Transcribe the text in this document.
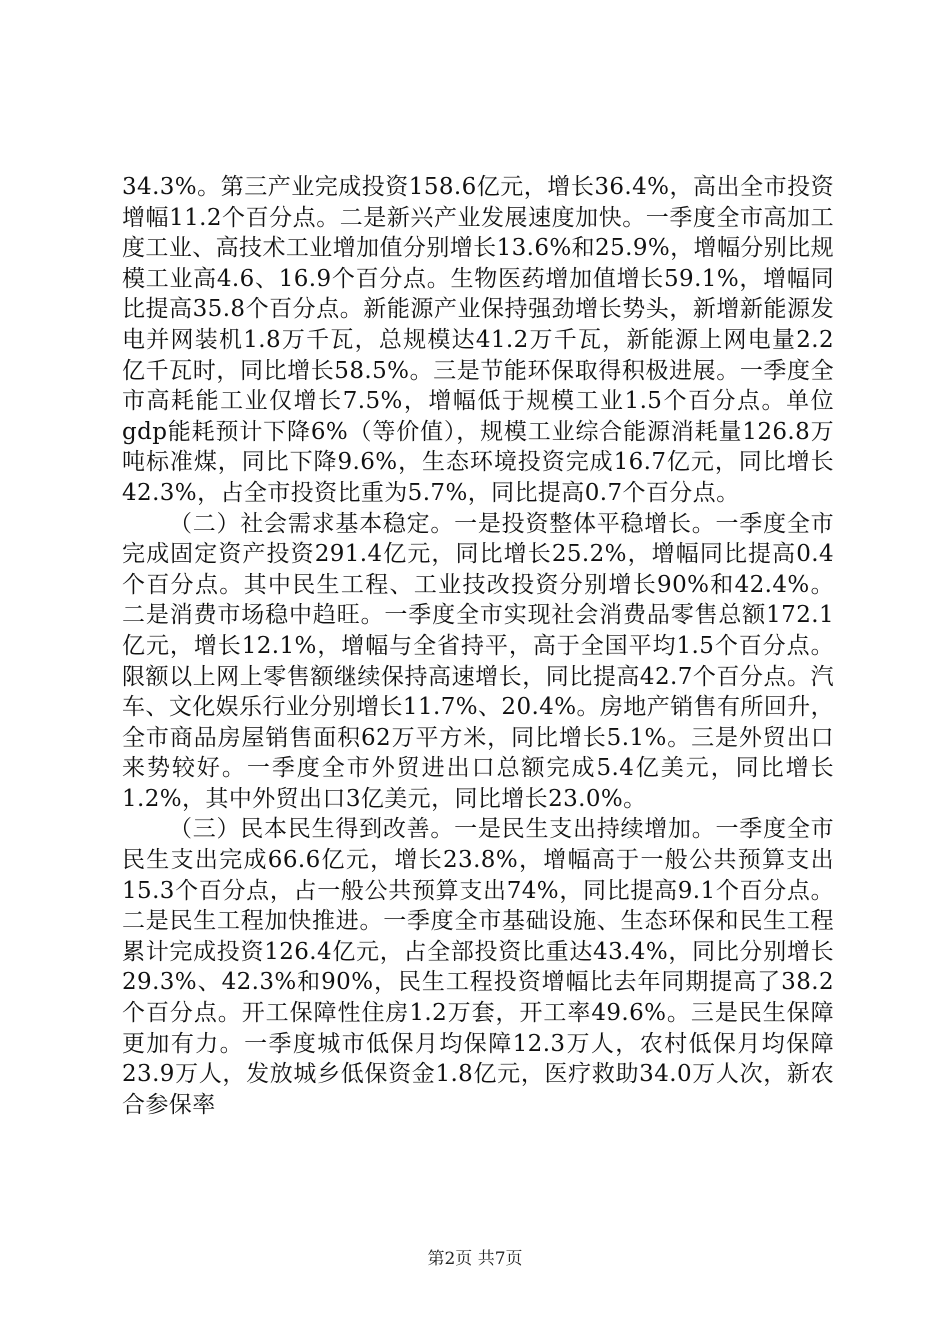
34.3%。第三产业完成投资158.6亿元，增长36.4%，高出全市投资增幅11.2个百分点。二是新兴产业发展速度加快。一季度全市高加工度工业、高技术工业增加值分别增长13.6%和25.9%，增幅分别比规模工业高4.6、16.9个百分点。生物医药增加值增长59.1%，增幅同比提高35.8个百分点。新能源产业保持强劲增长势头，新增新能源发电并网装机1.8万千瓦，总规模达41.2万千瓦，新能源上网电量2.2亿千瓦时，同比增长58.5%。三是节能环保取得积极进展。一季度全市高耗能工业仅增长7.5%，增幅低于规模工业1.5个百分点。单位gdp能耗预计下降6%（等价值），规模工业综合能源消耗量126.8万吨标准煤，同比下降9.6%，生态环境投资完成16.7亿元，同比增长42.3%，占全市投资比重为5.7%，同比提高0.7个百分点。

（二）社会需求基本稳定。一是投资整体平稳增长。一季度全市完成固定资产投资291.4亿元，同比增长25.2%，增幅同比提高0.4个百分点。其中民生工程、工业技改投资分别增长90%和42.4%。二是消费市场稳中趋旺。一季度全市实现社会消费品零售总额172.1亿元，增长12.1%，增幅与全省持平，高于全国平均1.5个百分点。限额以上网上零售额继续保持高速增长，同比提高42.7个百分点。汽车、文化娱乐行业分别增长11.7%、20.4%。房地产销售有所回升，全市商品房屋销售面积62万平方米，同比增长5.1%。三是外贸出口来势较好。一季度全市外贸进出口总额完成5.4亿美元，同比增长1.2%，其中外贸出口3亿美元，同比增长23.0%。

（三）民本民生得到改善。一是民生支出持续增加。一季度全市民生支出完成66.6亿元，增长23.8%，增幅高于一般公共预算支出15.3个百分点，占一般公共预算支出74%，同比提高9.1个百分点。二是民生工程加快推进。一季度全市基础设施、生态环保和民生工程累计完成投资126.4亿元，占全部投资比重达43.4%，同比分别增长29.3%、42.3%和90%，民生工程投资增幅比去年同期提高了38.2个百分点。开工保障性住房1.2万套，开工率49.6%。三是民生保障更加有力。一季度城市低保月均保障12.3万人，农村低保月均保障23.9万人，发放城乡低保资金1.8亿元，医疗救助34.0万人次，新农合参保率

第2页 共7页
